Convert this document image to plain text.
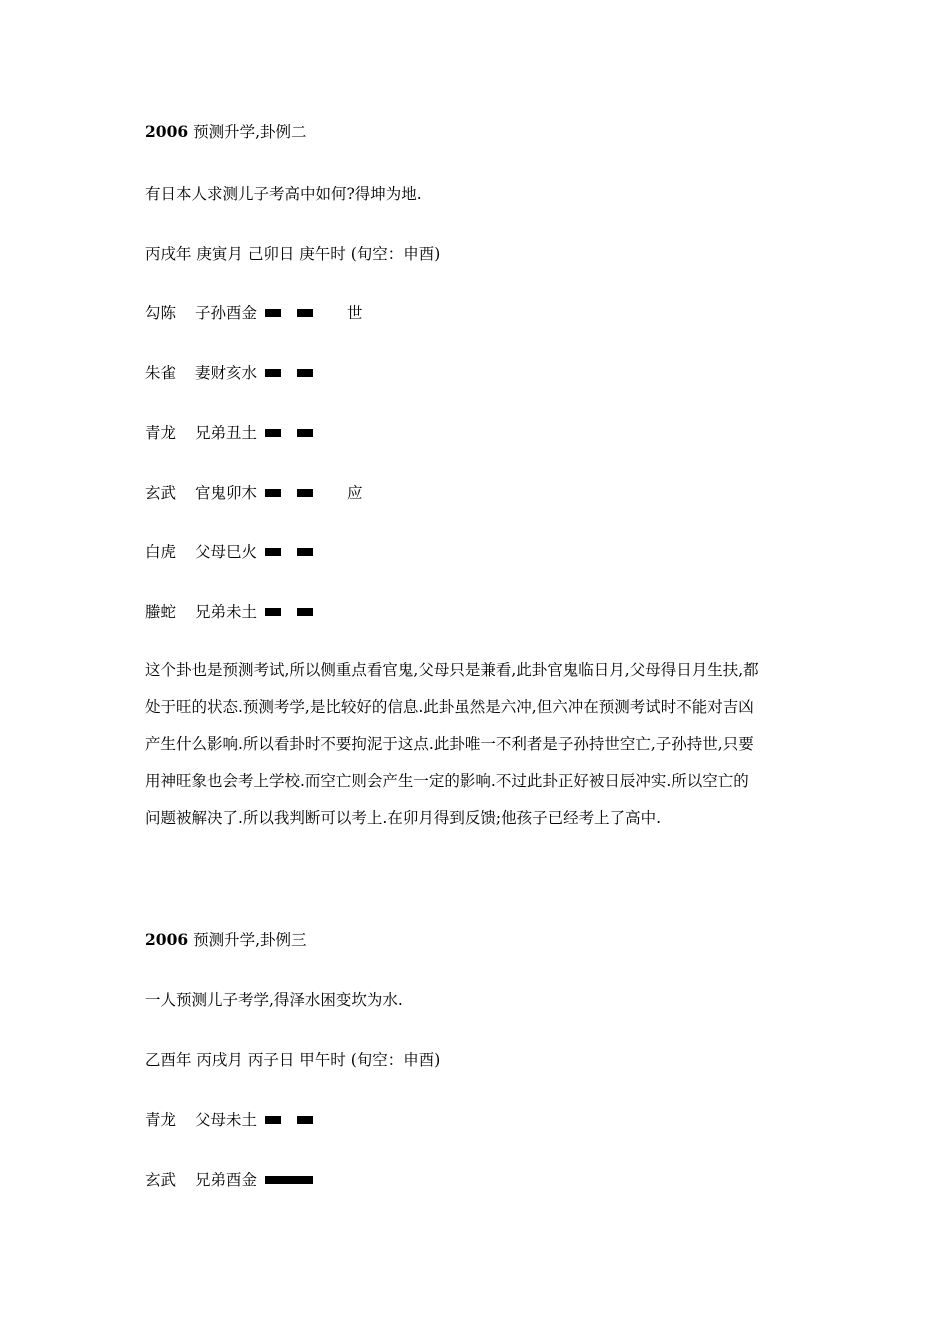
2006 预测升学,卦例二
有日本人求测儿子考高中如何?得坤为地.
丙戌年 庚寅月 己卯日 庚午时 (旬空：申酉)
勾陈	子孙酉金	世
朱雀	妻财亥水
青龙	兄弟丑土
玄武	官鬼卯木	应
白虎	父母巳火
螣蛇	兄弟未土
这个卦也是预测考试,所以侧重点看官鬼,父母只是兼看,此卦官鬼临日月,父母得日月生扶,都
处于旺的状态.预测考学,是比较好的信息.此卦虽然是六冲,但六冲在预测考试时不能对吉凶
产生什么影响.所以看卦时不要拘泥于这点.此卦唯一不利者是子孙持世空亡,子孙持世,只要
用神旺象也会考上学校.而空亡则会产生一定的影响.不过此卦正好被日辰冲实.所以空亡的
问题被解决了.所以我判断可以考上.在卯月得到反馈;他孩子已经考上了高中.
2006 预测升学,卦例三
一人预测儿子考学,得泽水困变坎为水.
乙酉年 丙戌月 丙子日 甲午时 (旬空：申酉)
青龙	父母未土
玄武	兄弟酉金
